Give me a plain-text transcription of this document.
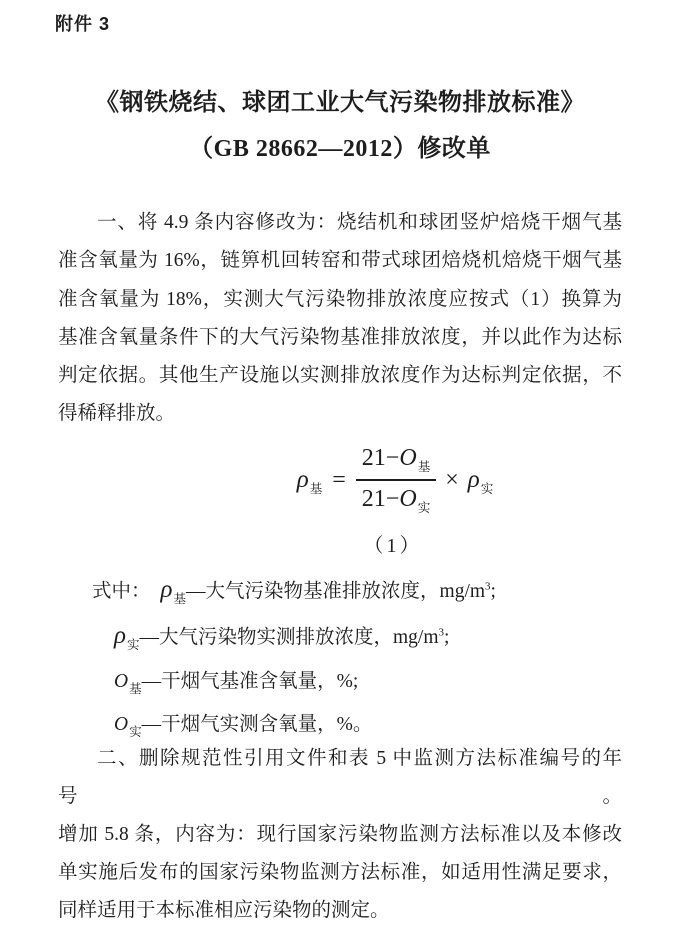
附件 3
《钢铁烧结、球团工业大气污染物排放标准》
（GB 28662—2012）修改单
一、将 4.9 条内容修改为：烧结机和球团竖炉焙烧干烟气基
准含氧量为 16%，链箅机回转窑和带式球团焙烧机焙烧干烟气基
准含氧量为 18%，实测大气污染物排放浓度应按式（1）换算为
基准含氧量条件下的大气污染物基准排放浓度，并以此作为达标
判定依据。其他生产设施以实测排放浓度作为达标判定依据，不
得稀释排放。
$\rho_基 = \frac{21-O_基}{21-O_实} \times \rho_实$
（1）
式中： $\rho_基—$大气污染物基准排放浓度，$mg/m^3$;
$\rho_实—$大气污染物实测排放浓度，$mg/m^3$;
$O_基—$干烟气基准含氧量，%;
$O_实—$干烟气实测含氧量，%。
二、删除规范性引用文件和表 5 中监测方法标准编号的年号。
增加 5.8 条，内容为：现行国家污染物监测方法标准以及本修改
单实施后发布的国家污染物监测方法标准，如适用性满足要求，
同样适用于本标准相应污染物的测定。
